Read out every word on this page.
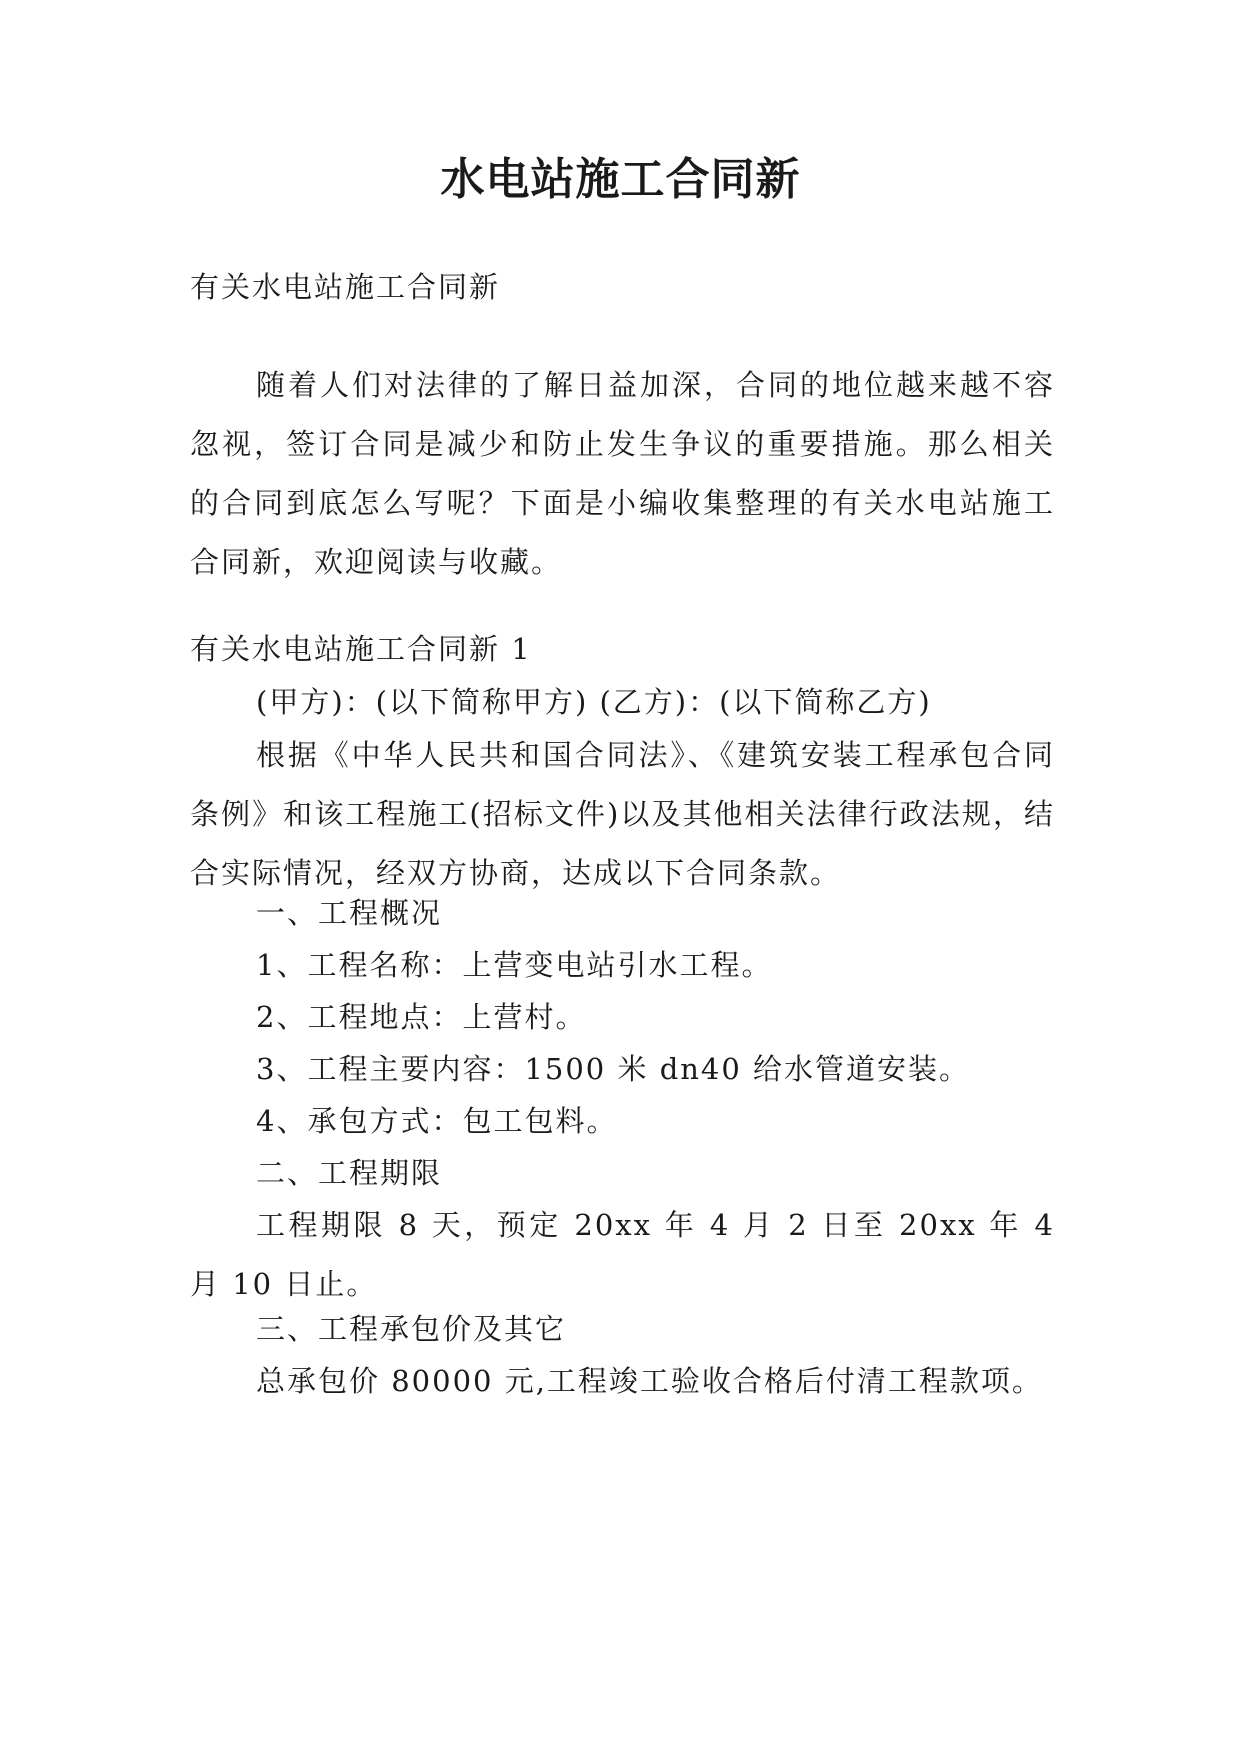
水电站施工合同新

有关水电站施工合同新

随着人们对法律的了解日益加深，合同的地位越来越不容忽视，签订合同是减少和防止发生争议的重要措施。那么相关的合同到底怎么写呢？下面是小编收集整理的有关水电站施工合同新，欢迎阅读与收藏。

有关水电站施工合同新 1

(甲方)：(以下简称甲方) (乙方)：(以下简称乙方)

根据《中华人民共和国合同法》、《建筑安装工程承包合同条例》和该工程施工(招标文件)以及其他相关法律行政法规，结合实际情况，经双方协商，达成以下合同条款。

一、工程概况

1、工程名称：上营变电站引水工程。

2、工程地点：上营村。

3、工程主要内容：1500 米 dn40 给水管道安装。

4、承包方式：包工包料。

二、工程期限

工程期限 8 天，预定 20xx 年 4 月 2 日至 20xx 年 4 月 10 日止。

三、工程承包价及其它

总承包价 80000 元,工程竣工验收合格后付清工程款项。
